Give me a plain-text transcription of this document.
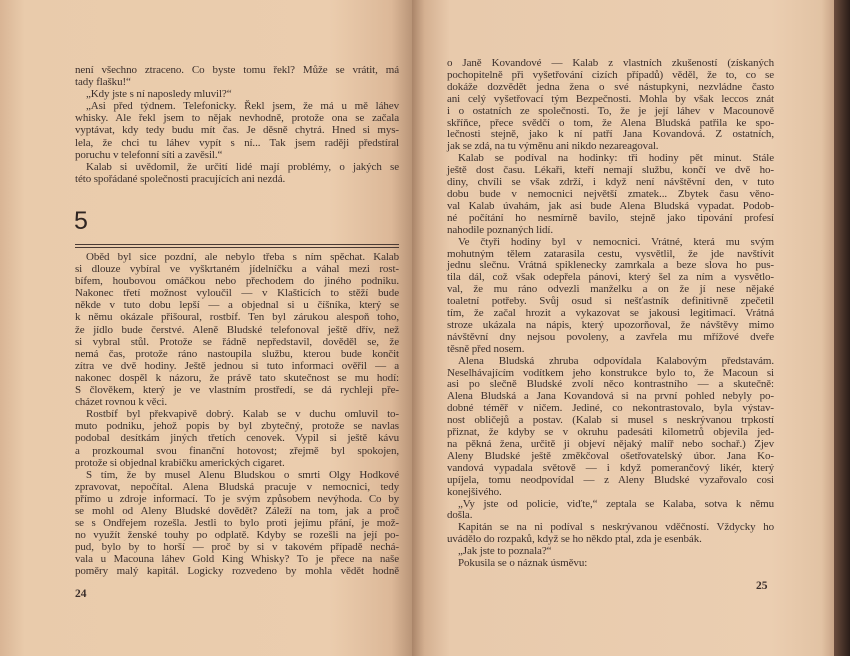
není všechno ztraceno. Co byste tomu řekl? Může se vrátit, má
tady flašku!“
„Kdy jste s ní naposledy mluvil?“
„Asi před týdnem. Telefonicky. Řekl jsem, že má u mě láhev
whisky. Ale řekl jsem to nějak nevhodně, protože ona se začala
vyptávat, kdy tedy budu mít čas. Je děsně chytrá. Hned si mys-
lela, že chci tu láhev vypít s ní... Tak jsem raději předstíral
poruchu v telefonní síti a zavěsil.“
Kalab si uvědomil, že určití lidé mají problémy, o jakých se
této spořádané společnosti pracujících ani nezdá.
5
Oběd byl sice pozdní, ale nebylo třeba s ním spěchat. Kalab
si dlouze vybíral ve vyškrtaném jídelníčku a váhal mezi rost-
bífem, houbovou omáčkou nebo přechodem do jiného podniku.
Nakonec třetí možnost vyloučil — v Klašticích to stěží bude
někde v tuto dobu lepší — a objednal si u číšníka, který se
k němu okázale přišoural, rostbíf. Ten byl zárukou alespoň toho,
že jídlo bude čerstvé. Aleně Bludské telefonoval ještě dřív, než
si vybral stůl. Protože se řádně nepředstavil, dověděl se, že
nemá čas, protože ráno nastoupila službu, kterou bude končit
zítra ve dvě hodiny. Ještě jednou si tuto informaci ověřil — a
nakonec dospěl k názoru, že právě tato skutečnost se mu hodí:
S člověkem, který je ve vlastním prostředí, se dá rychleji pře-
cházet rovnou k věci.
Rostbíf byl překvapivě dobrý. Kalab se v duchu omluvil to-
muto podniku, jehož popis by byl zbytečný, protože se navlas
podobal desítkám jiných třetích cenovek. Vypil si ještě kávu
a prozkoumal svou finanční hotovost; zřejmě byl spokojen,
protože si objednal krabičku amerických cigaret.
S tím, že by musel Alenu Bludskou o smrti Olgy Hodkové
zpravovat, nepočítal. Alena Bludská pracuje v nemocnici, tedy
přímo u zdroje informací. To je svým způsobem nevýhoda. Co by
se mohl od Aleny Bludské dovědět? Záleží na tom, jak a proč
se s Ondřejem rozešla. Jestli to bylo proti jejímu přání, je mož-
no využít ženské touhy po odplatě. Kdyby se rozešli na její po-
pud, bylo by to horší — proč by si v takovém případě nechá-
vala u Macouna láhev Gold King Whisky? To je přece na naše
poměry malý kapitál. Logicky rozvedeno by mohla vědět hodně
24
o Janě Kovandové — Kalab z vlastních zkušeností (získaných
pochopitelně při vyšetřování cizích případů) věděl, že to, co se
dokáže dozvědět jedna žena o své nástupkyni, nezvládne často
ani celý vyšetřovací tým Bezpečnosti. Mohla by však leccos znát
i o ostatních ze společnosti. To, že je její láhev v Macounově
skříňce, přece svědčí o tom, že Alena Bludská patřila ke spo-
lečnosti stejně, jako k ní patří Jana Kovandová. Z ostatních,
jak se zdá, na tu výměnu ani nikdo nezareagoval.
Kalab se podíval na hodinky: tři hodiny pět minut. Stále
ještě dost času. Lékaři, kteří nemají službu, končí ve dvě ho-
diny, chvíli se však zdrží, i když není návštěvní den, v tuto
dobu bude v nemocnici největší zmatek... Zbytek času věno-
val Kalab úvahám, jak asi bude Alena Bludská vypadat. Podob-
né počítání ho nesmírně bavilo, stejně jako tipování profesí
nahodile poznaných lidí.
Ve čtyři hodiny byl v nemocnici. Vrátné, která mu svým
mohutným tělem zatarasila cestu, vysvětlil, že jde navštívit
jednu slečnu. Vrátná spiklenecky zamrkala a beze slova ho pus-
tila dál, což však odepřela pánovi, který šel za ním a vysvětlo-
val, že mu ráno odvezli manželku a on že jí nese nějaké
toaletní potřeby. Svůj osud si nešťastník definitivně zpečetil
tím, že začal hrozit a vykazovat se jakousi legitimací. Vrátná
stroze ukázala na nápis, který upozorňoval, že návštěvy mimo
návštěvní dny nejsou povoleny, a zavřela mu mřížové dveře
těsně před nosem.
Alena Bludská zhruba odpovídala Kalabovým představám.
Neselhávajícím vodítkem jeho konstrukce bylo to, že Macoun si
asi po slečně Bludské zvolí něco kontrastního — a skutečně:
Alena Bludská a Jana Kovandová si na první pohled nebyly po-
dobné téměř v ničem. Jediné, co nekontrastovalo, byla výstav-
nost obličejů a postav. (Kalab si musel s neskrývanou trpkostí
přiznat, že kdyby se v okruhu padesáti kilometrů objevila jed-
na pěkná žena, určitě ji objeví nějaký malíř nebo sochař.) Zjev
Aleny Bludské ještě změkčoval ošetřovatelský úbor. Jana Ko-
vandová vypadala světově — i když pomerančový likér, který
upíjela, tomu neodpovídal — z Aleny Bludské vyzařovalo cosi
konejšivého.
„Vy jste od policie, viďte,“ zeptala se Kalaba, sotva k němu
došla.
Kapitán se na ni podíval s neskrývanou vděčností. Vždycky ho
uvádělo do rozpaků, když se ho někdo ptal, zda je esenbák.
„Jak jste to poznala?“
Pokusila se o náznak úsměvu:
25
